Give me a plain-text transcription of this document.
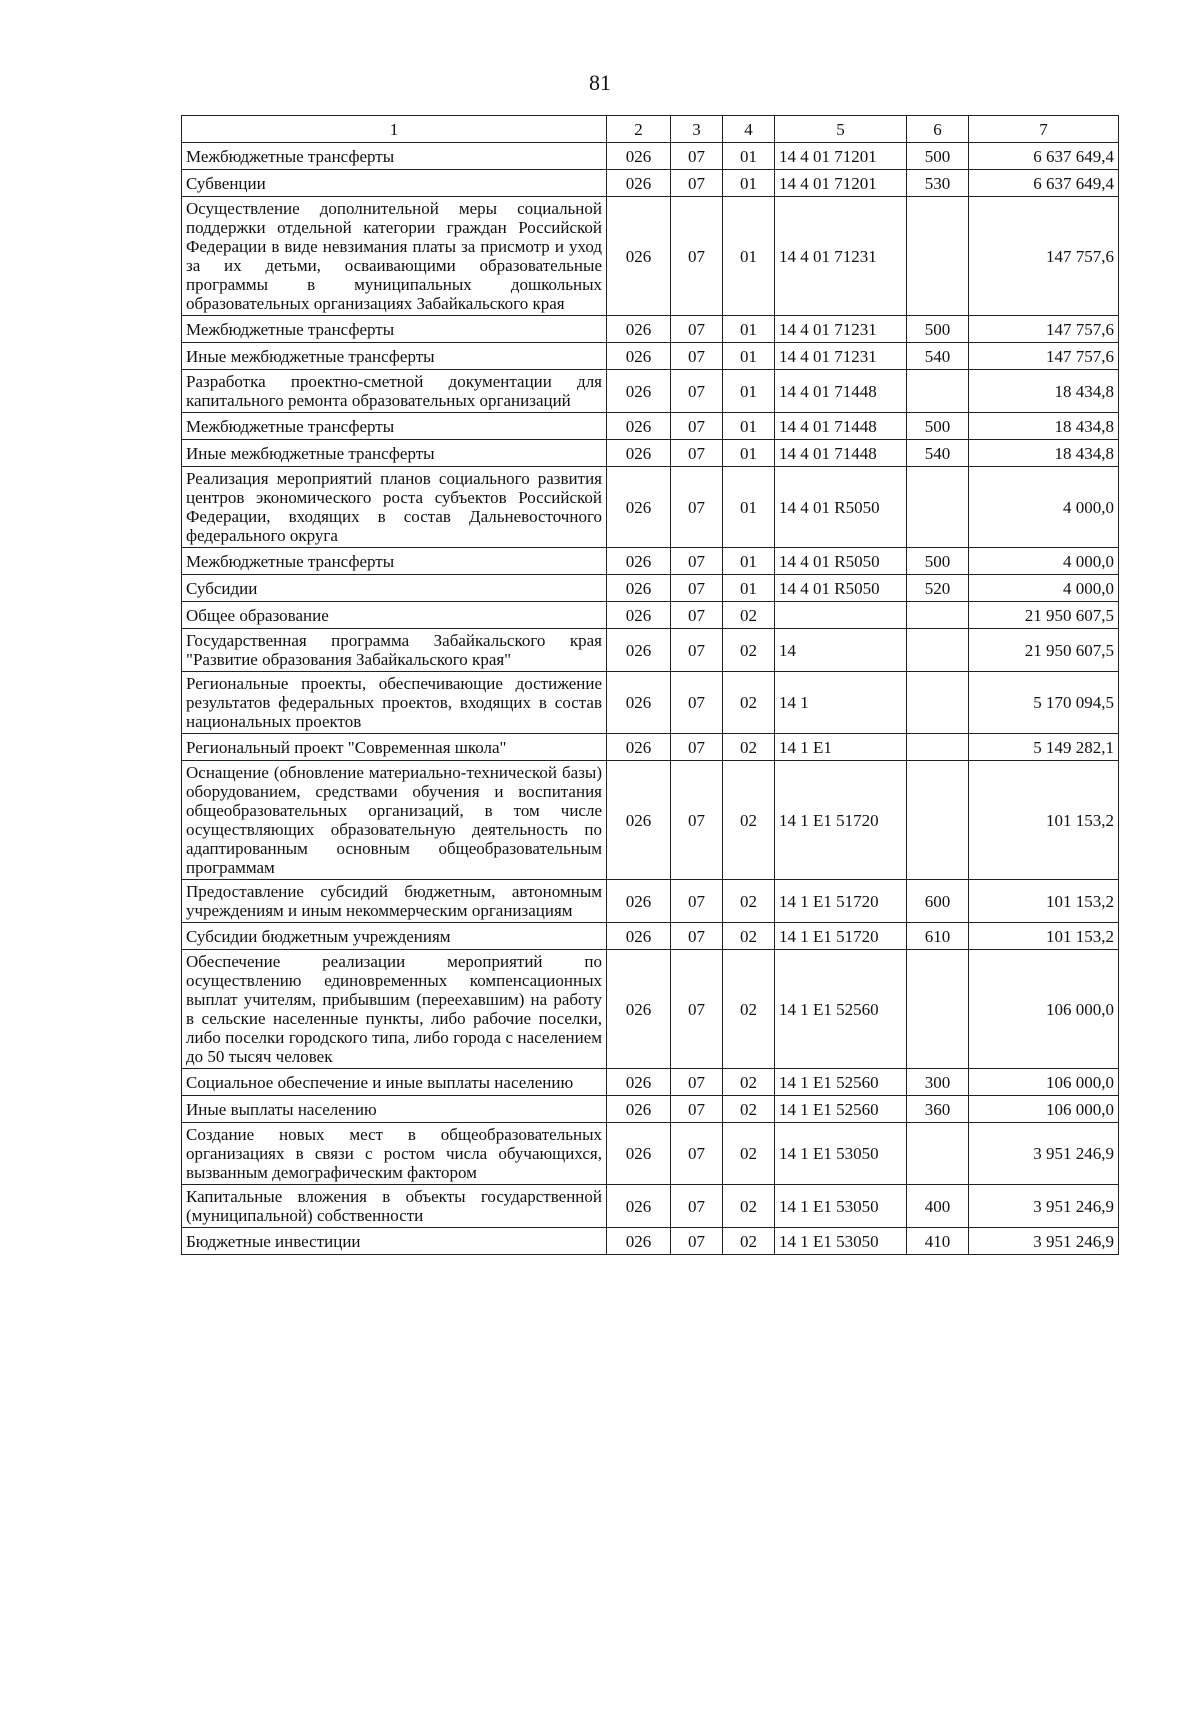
81
1	2	3	4	5	6	7
Межбюджетные трансферты	026	07	01	14 4 01 71201	500	6 637 649,4
Субвенции	026	07	01	14 4 01 71201	530	6 637 649,4
Осуществление дополнительной меры социальной поддержки отдельной категории граждан Российской Федерации в виде невзимания платы за присмотр и уход за их детьми, осваивающими образовательные программы в муниципальных дошкольных образовательных организациях Забайкальского края	026	07	01	14 4 01 71231		147 757,6
Межбюджетные трансферты	026	07	01	14 4 01 71231	500	147 757,6
Иные межбюджетные трансферты	026	07	01	14 4 01 71231	540	147 757,6
Разработка проектно-сметной документации для капитального ремонта образовательных организаций	026	07	01	14 4 01 71448		18 434,8
Межбюджетные трансферты	026	07	01	14 4 01 71448	500	18 434,8
Иные межбюджетные трансферты	026	07	01	14 4 01 71448	540	18 434,8
Реализация мероприятий планов социального развития центров экономического роста субъектов Российской Федерации, входящих в состав Дальневосточного федерального округа	026	07	01	14 4 01 R5050		4 000,0
Межбюджетные трансферты	026	07	01	14 4 01 R5050	500	4 000,0
Субсидии	026	07	01	14 4 01 R5050	520	4 000,0
Общее образование	026	07	02			21 950 607,5
Государственная программа Забайкальского края "Развитие образования Забайкальского края"	026	07	02	14		21 950 607,5
Региональные проекты, обеспечивающие достижение результатов федеральных проектов, входящих в состав национальных проектов	026	07	02	14 1		5 170 094,5
Региональный проект "Современная школа"	026	07	02	14 1 E1		5 149 282,1
Оснащение (обновление материально-технической базы) оборудованием, средствами обучения и воспитания общеобразовательных организаций, в том числе осуществляющих образовательную деятельность по адаптированным основным общеобразовательным программам	026	07	02	14 1 E1 51720		101 153,2
Предоставление субсидий бюджетным, автономным учреждениям и иным некоммерческим организациям	026	07	02	14 1 E1 51720	600	101 153,2
Субсидии бюджетным учреждениям	026	07	02	14 1 E1 51720	610	101 153,2
Обеспечение реализации мероприятий по осуществлению единовременных компенсационных выплат учителям, прибывшим (переехавшим) на работу в сельские населенные пункты, либо рабочие поселки, либо поселки городского типа, либо города с населением до 50 тысяч человек	026	07	02	14 1 E1 52560		106 000,0
Социальное обеспечение и иные выплаты населению	026	07	02	14 1 E1 52560	300	106 000,0
Иные выплаты населению	026	07	02	14 1 E1 52560	360	106 000,0
Создание новых мест в общеобразовательных организациях в связи с ростом числа обучающихся, вызванным демографическим фактором	026	07	02	14 1 E1 53050		3 951 246,9
Капитальные вложения в объекты государственной (муниципальной) собственности	026	07	02	14 1 E1 53050	400	3 951 246,9
Бюджетные инвестиции	026	07	02	14 1 E1 53050	410	3 951 246,9
